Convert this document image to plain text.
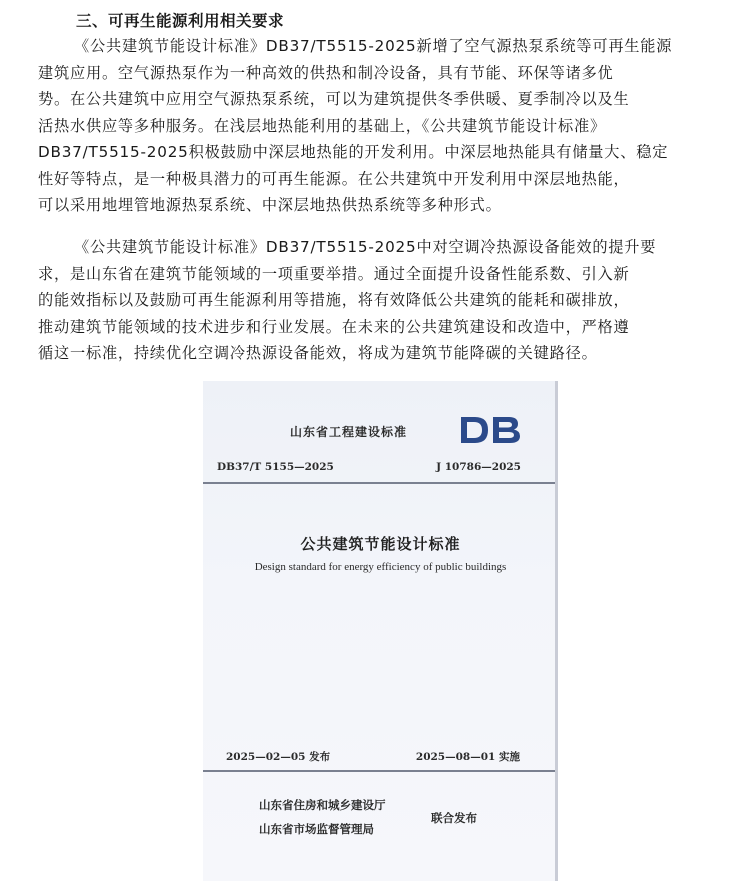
三、可再生能源利用相关要求
《公共建筑节能设计标准》DB37/T5515-2025新增了空气源热泵系统等可再生能源
建筑应用。空气源热泵作为一种高效的供热和制冷设备，具有节能、环保等诸多优
势。在公共建筑中应用空气源热泵系统，可以为建筑提供冬季供暖、夏季制冷以及生
活热水供应等多种服务。在浅层地热能利用的基础上，《公共建筑节能设计标准》
DB37/T5515-2025积极鼓励中深层地热能的开发利用。中深层地热能具有储量大、稳定
性好等特点，是一种极具潜力的可再生能源。在公共建筑中开发利用中深层地热能，
可以采用地埋管地源热泵系统、中深层地热供热系统等多种形式。
《公共建筑节能设计标准》DB37/T5515-2025中对空调冷热源设备能效的提升要
求，是山东省在建筑节能领域的一项重要举措。通过全面提升设备性能系数、引入新
的能效指标以及鼓励可再生能源利用等措施，将有效降低公共建筑的能耗和碳排放，
推动建筑节能领域的技术进步和行业发展。在未来的公共建筑建设和改造中，严格遵
循这一标准，持续优化空调冷热源设备能效，将成为建筑节能降碳的关键路径。
山东省工程建设标准
DB37/T 5155—2025	J 10786—2025
公共建筑节能设计标准
Design standard for energy efficiency of public buildings
2025—02—05 发布	2025—08—01 实施
山东省住房和城乡建设厅
山东省市场监督管理局
联合发布
